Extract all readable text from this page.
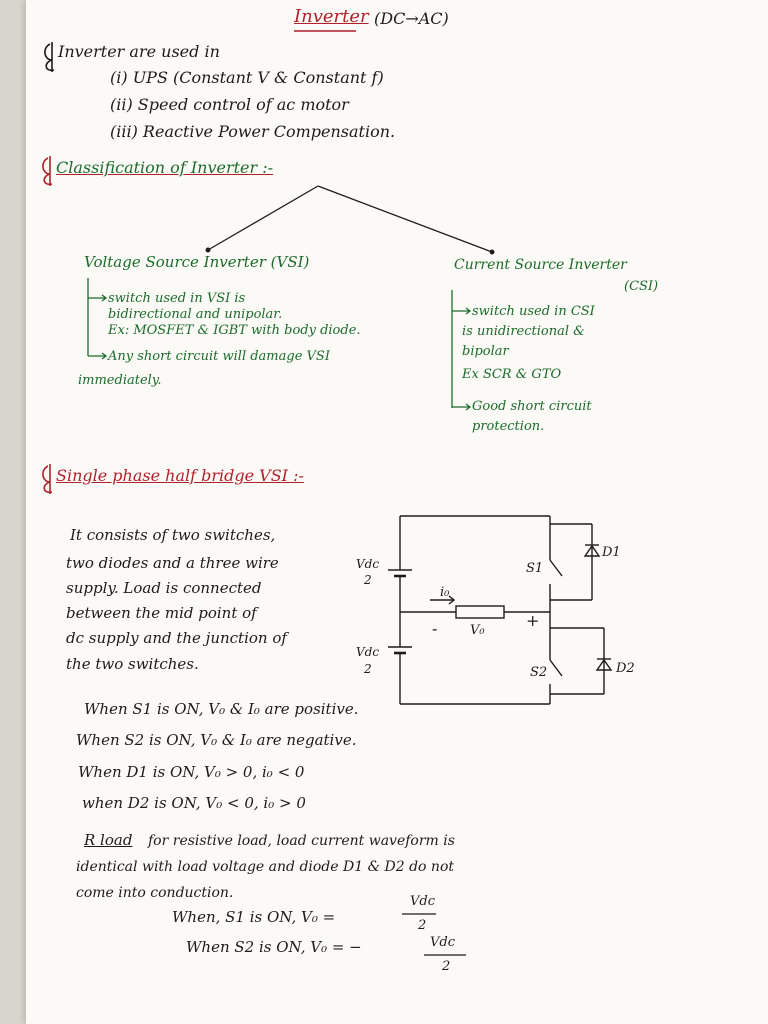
Inverter (DC→AC)
Inverter are used in
(i) UPS (Constant V & Constant f)
(ii) Speed control of ac motor
(iii) Reactive Power Compensation.
Classification of Inverter :-
Voltage Source Inverter (VSI)
switch used in VSI is
bidirectional and unipolar.
Ex: MOSFET & IGBT with body diode.
Any short circuit will damage VSI
immediately.
Current Source Inverter
(CSI)
switch used in CSI
is unidirectional &
bipolar
Ex SCR & GTO
Good short circuit
protection.
Single phase half bridge VSI :-
It consists of two switches,
two diodes and a three wire
supply. Load is connected
between the mid point of
dc supply and the junction of
the two switches.
Vdc
2
Vdc
2
i₀
V₀
-	+
S1
S2
D1
D2
When S1 is ON, V₀ & I₀ are positive.
When S2 is ON, V₀ & I₀ are negative.
When D1 is ON, V₀ > 0, i₀ < 0
when D2 is ON, V₀ < 0, i₀ > 0
R load for resistive load, load current waveform is
identical with load voltage and diode D1 & D2 do not
come into conduction.
When, S1 is ON, V₀ =
Vdc
2
When S2 is ON, V₀ = −	Vdc
2
